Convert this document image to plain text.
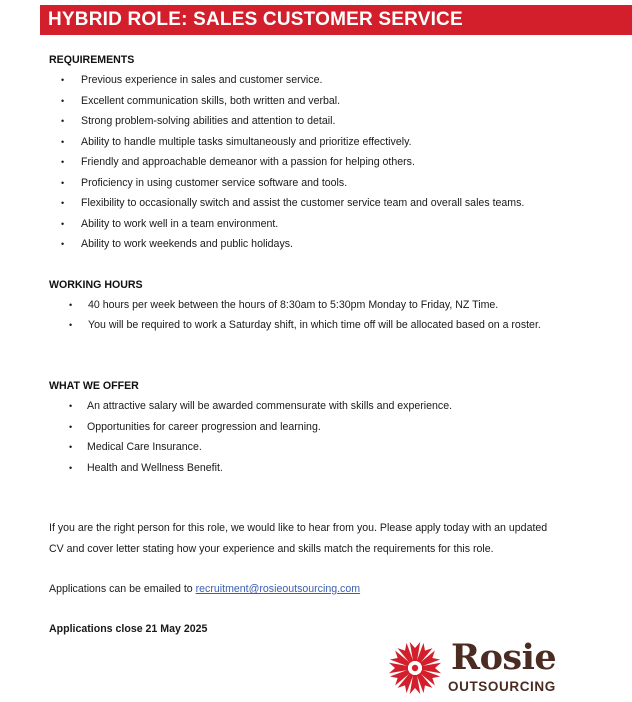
HYBRID ROLE: SALES CUSTOMER SERVICE
REQUIREMENTS
• Previous experience in sales and customer service.
• Excellent communication skills, both written and verbal.
• Strong problem-solving abilities and attention to detail.
• Ability to handle multiple tasks simultaneously and prioritize effectively.
• Friendly and approachable demeanor with a passion for helping others.
• Proficiency in using customer service software and tools.
• Flexibility to occasionally switch and assist the customer service team and overall sales teams.
• Ability to work well in a team environment.
• Ability to work weekends and public holidays.
WORKING HOURS
• 40 hours per week between the hours of 8:30am to 5:30pm Monday to Friday, NZ Time.
• You will be required to work a Saturday shift, in which time off will be allocated based on a roster.
WHAT WE OFFER
• An attractive salary will be awarded commensurate with skills and experience.
• Opportunities for career progression and learning.
• Medical Care Insurance.
• Health and Wellness Benefit.

If you are the right person for this role, we would like to hear from you. Please apply today with an updated CV and cover letter stating how your experience and skills match the requirements for this role.

Applications can be emailed to recruitment@rosieoutsourcing.com

Applications close 21 May 2025

Rosie
OUTSOURCING
